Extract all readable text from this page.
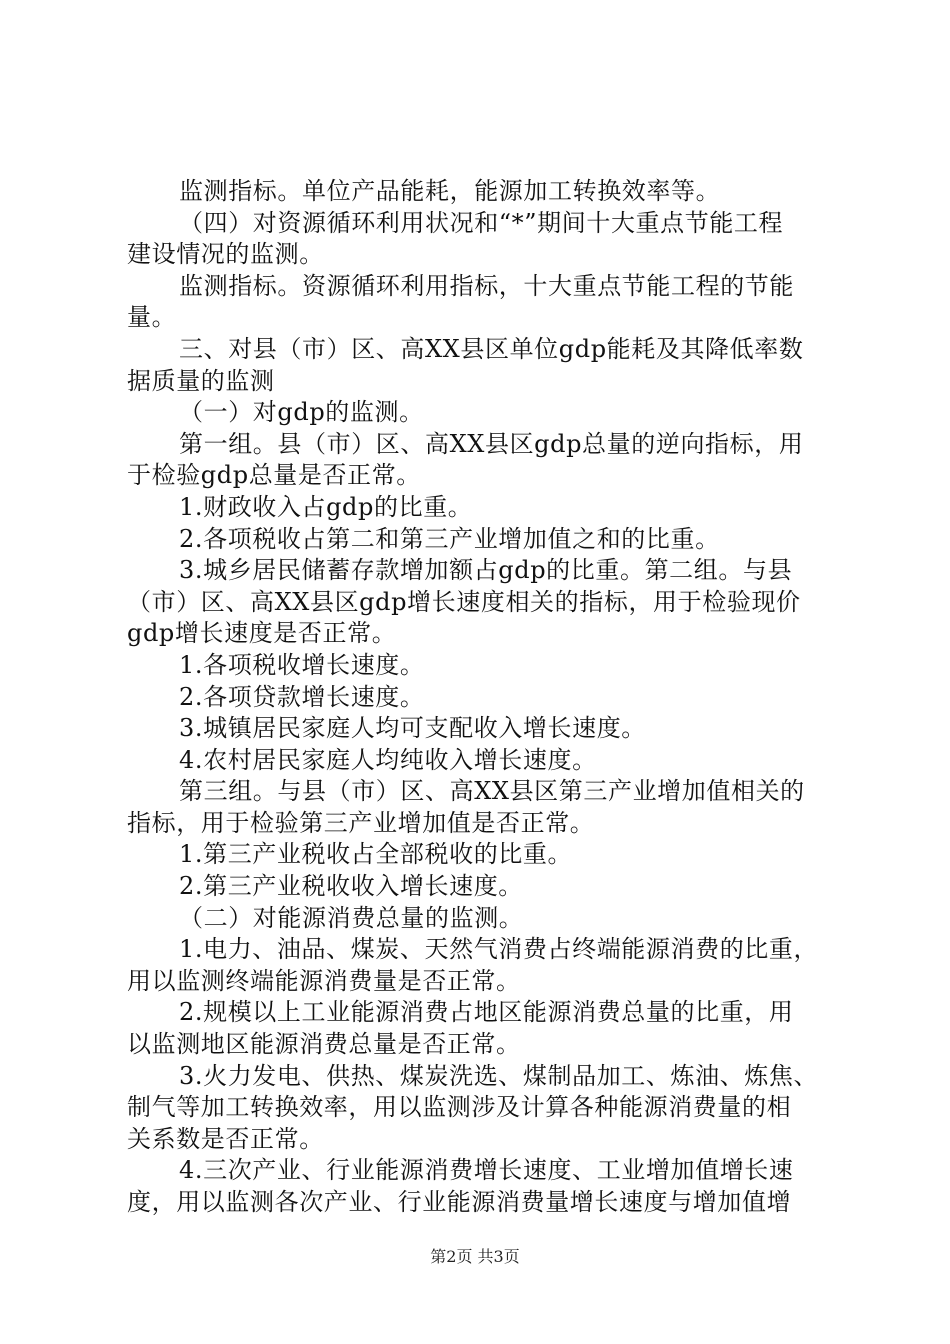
监测指标。单位产品能耗，能源加工转换效率等。
（四）对资源循环利用状况和“*”期间十大重点节能工程
建设情况的监测。
监测指标。资源循环利用指标，十大重点节能工程的节能
量。
三、对县（市）区、高XX县区单位gdp能耗及其降低率数
据质量的监测
（一）对gdp的监测。
第一组。县（市）区、高XX县区gdp总量的逆向指标，用
于检验gdp总量是否正常。
1.财政收入占gdp的比重。
2.各项税收占第二和第三产业增加值之和的比重。
3.城乡居民储蓄存款增加额占gdp的比重。第二组。与县
（市）区、高XX县区gdp增长速度相关的指标，用于检验现价
gdp增长速度是否正常。
1.各项税收增长速度。
2.各项贷款增长速度。
3.城镇居民家庭人均可支配收入增长速度。
4.农村居民家庭人均纯收入增长速度。
第三组。与县（市）区、高XX县区第三产业增加值相关的
指标，用于检验第三产业增加值是否正常。
1.第三产业税收占全部税收的比重。
2.第三产业税收收入增长速度。
（二）对能源消费总量的监测。
1.电力、油品、煤炭、天然气消费占终端能源消费的比重，
用以监测终端能源消费量是否正常。
2.规模以上工业能源消费占地区能源消费总量的比重，用
以监测地区能源消费总量是否正常。
3.火力发电、供热、煤炭洗选、煤制品加工、炼油、炼焦、
制气等加工转换效率，用以监测涉及计算各种能源消费量的相
关系数是否正常。
4.三次产业、行业能源消费增长速度、工业增加值增长速
度，用以监测各次产业、行业能源消费量增长速度与增加值增
第2页 共3页
